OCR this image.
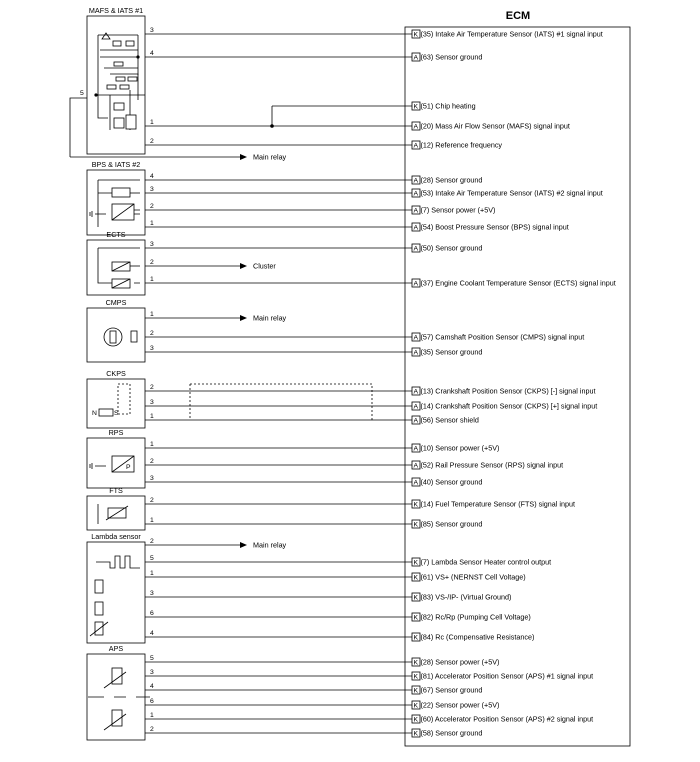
ECM
MAFS & IATS #1
3
K (35) Intake Air Temperature Sensor (IATS) #1 signal input
4
A (63) Sensor ground
1
A (20) Mass Air Flow Sensor (MAFS) signal input
2
A (12) Reference frequency
BPS & IATS #2
4
A (28) Sensor ground
3
A (53) Intake Air Temperature Sensor (IATS) #2 signal input
2
A (7) Sensor power (+5V)
1
A (54) Boost Pressure Sensor (BPS) signal input
ECTS
3
A (50) Sensor ground
2
1
A (37) Engine Coolant Temperature Sensor (ECTS) signal input
CMPS
1
2
A (57) Camshaft Position Sensor (CMPS) signal input
3
A (35) Sensor ground
CKPS
2
A (13) Crankshaft Position Sensor (CKPS) [-] signal input
3
A (14) Crankshaft Position Sensor (CKPS) [+] signal input
1
A (56) Sensor shield
RPS
1
A (10) Sensor power (+5V)
2
A (52) Rail Pressure Sensor (RPS) signal input
3
A (40) Sensor ground
FTS
2
K (14) Fuel Temperature Sensor (FTS) signal input
1
K (85) Sensor ground
Lambda sensor
2
5
K (7) Lambda Sensor Heater control output
1
K (61) VS+ (NERNST Cell Voltage)
3
K (83) VS-/IP- (Virtual Ground)
6
K (82) Rc/Rp (Pumping Cell Voltage)
4
K (84) Rc (Compensative Resistance)
APS
5
K (28) Sensor power (+5V)
3
K (81) Accelerator Position Sensor (APS) #1 signal input
4
K (67) Sensor ground
6
K (22) Sensor power (+5V)
1
K (60) Accelerator Position Sensor (APS) #2 signal input
2
K (58) Sensor ground
K (51) Chip heating
5
Main relay
Cluster
Main relay
Main relay
N	S
P
